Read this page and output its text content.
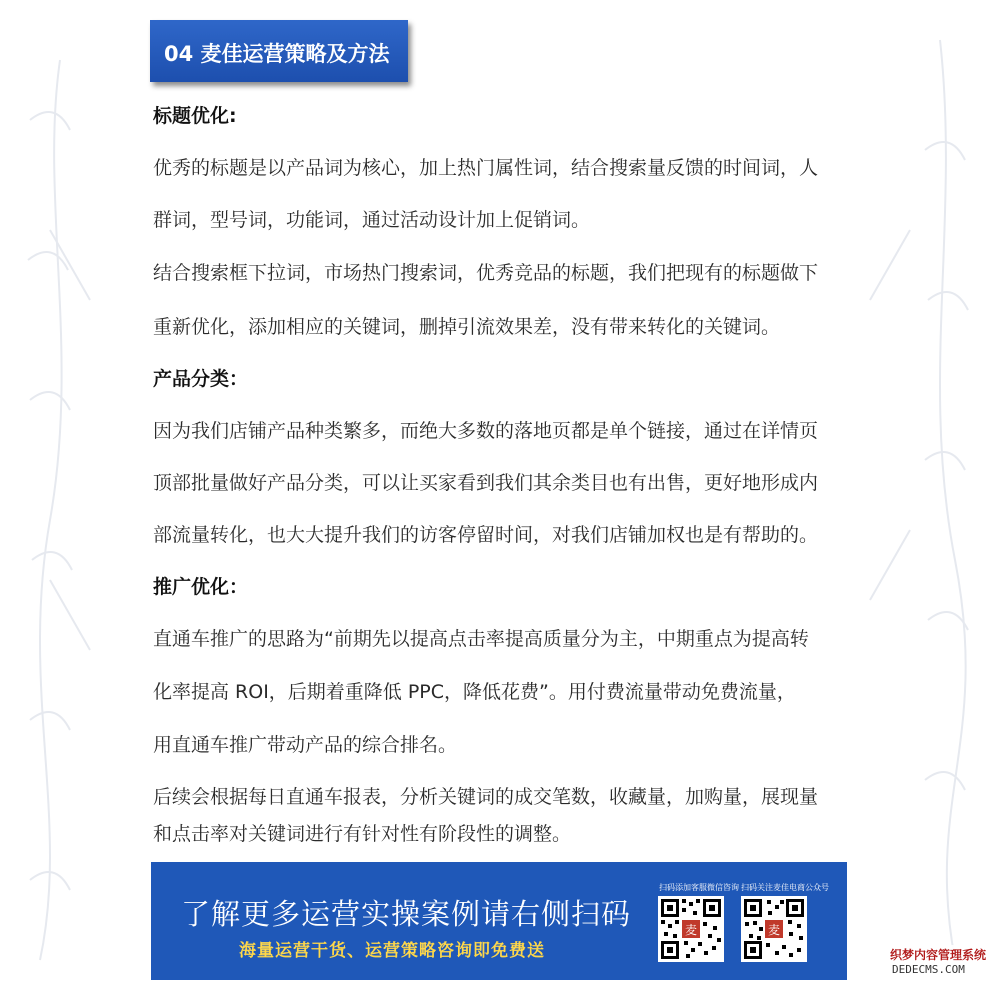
04 麦佳运营策略及方法
标题优化:
优秀的标题是以产品词为核心，加上热门属性词，结合搜索量反馈的时间词，人
群词，型号词，功能词，通过活动设计加上促销词。
结合搜索框下拉词，市场热门搜索词，优秀竞品的标题，我们把现有的标题做下
重新优化，添加相应的关键词，删掉引流效果差，没有带来转化的关键词。
产品分类：
因为我们店铺产品种类繁多，而绝大多数的落地页都是单个链接，通过在详情页
顶部批量做好产品分类，可以让买家看到我们其余类目也有出售，更好地形成内
部流量转化，也大大提升我们的访客停留时间，对我们店铺加权也是有帮助的。
推广优化：
直通车推广的思路为“前期先以提高点击率提高质量分为主，中期重点为提高转
化率提高 ROI，后期着重降低 PPC，降低花费”。用付费流量带动免费流量，
用直通车推广带动产品的综合排名。
后续会根据每日直通车报表，分析关键词的成交笔数，收藏量，加购量，展现量
和点击率对关键词进行有针对性有阶段性的调整。
了解更多运营实操案例请右侧扫码
海量运营干货、运营策略咨询即免费送
扫码添加客服微信咨询
麦
扫码关注麦佳电商公众号
麦
织梦内容管理系统
DEDECMS.COM
